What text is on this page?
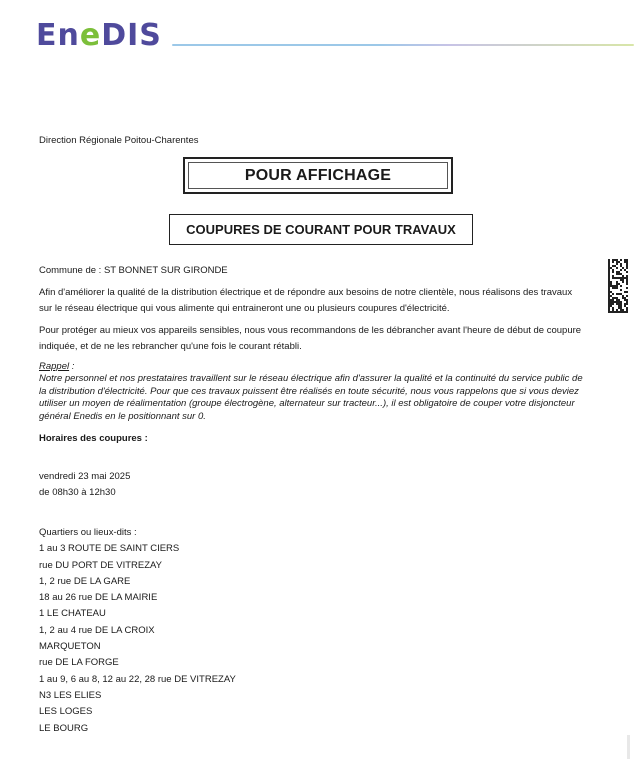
EneDIS
Direction Régionale Poitou-Charentes
POUR AFFICHAGE
COUPURES DE COURANT POUR TRAVAUX

Commune de : ST BONNET SUR GIRONDE

Afin d'améliorer la qualité de la distribution électrique et de répondre aux besoins de notre clientèle, nous réalisons des travaux sur le réseau électrique qui vous alimente qui entraineront une ou plusieurs coupures d'électricité.

Pour protéger au mieux vos appareils sensibles, nous vous recommandons de les débrancher avant l'heure de début de coupure indiquée, et de ne les rebrancher qu'une fois le courant rétabli.

Rappel :

Notre personnel et nos prestataires travaillent sur le réseau électrique afin d'assurer la qualité et la continuité du service public de la distribution d'électricité. Pour que ces travaux puissent être réalisés en toute sécurité, nous vous rappelons que si vous deviez utiliser un moyen de réalimentation (groupe électrogène, alternateur sur tracteur...), il est obligatoire de couper votre disjoncteur général Enedis en le positionnant sur 0.

Horaires des coupures :

vendredi 23 mai 2025

de 08h30 à 12h30

Quartiers ou lieux-dits :

1 au 3 ROUTE DE SAINT CIERS

rue DU PORT DE VITREZAY

1, 2 rue DE LA GARE

18 au 26 rue DE LA MAIRIE

1 LE CHATEAU

1, 2 au 4 rue DE LA CROIX

MARQUETON

rue DE LA FORGE

1 au 9, 6 au 8, 12 au 22, 28 rue DE VITREZAY

N3 LES ELIES

LES LOGES

LE BOURG
